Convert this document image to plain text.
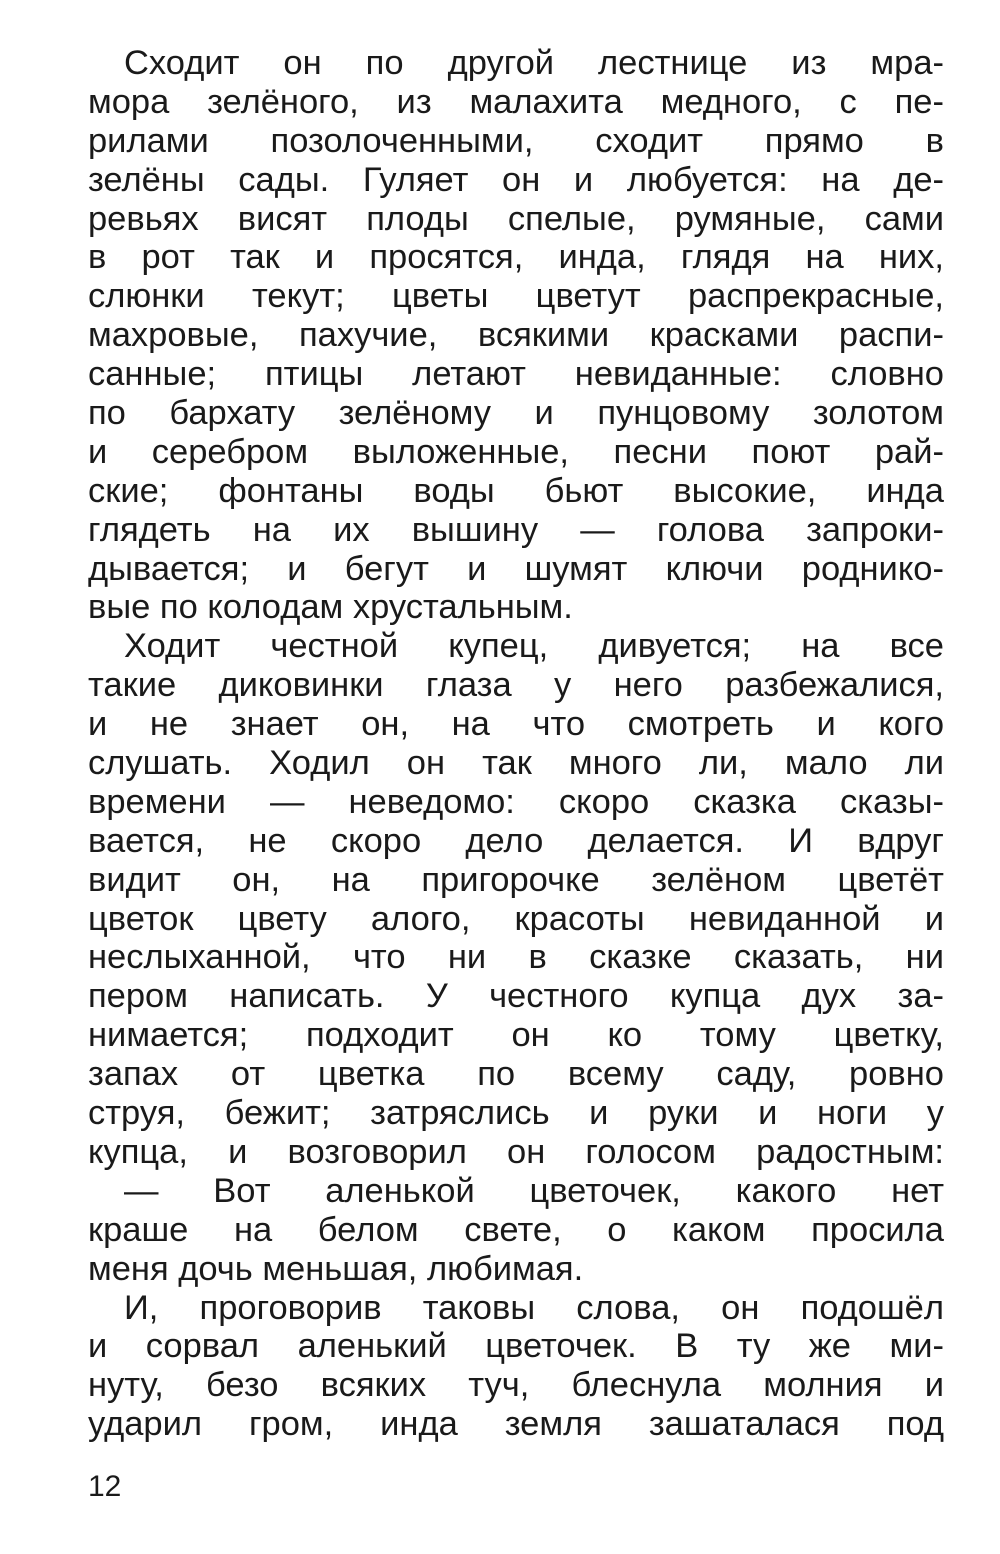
Сходит он по другой лестнице из мра-
мора зелёного, из малахита медного, с пе-
рилами позолоченными, сходит прямо в
зелёны сады. Гуляет он и любуется: на де-
ревьях висят плоды спелые, румяные, сами
в рот так и просятся, инда, глядя на них,
слюнки текут; цветы цветут распрекрасные,
махровые, пахучие, всякими красками распи-
санные; птицы летают невиданные: словно
по бархату зелёному и пунцовому золотом
и серебром выложенные, песни поют рай-
ские; фонтаны воды бьют высокие, инда
глядеть на их вышину — голова запроки-
дывается; и бегут и шумят ключи роднико-
вые по колодам хрустальным.
Ходит честной купец, дивуется; на все
такие диковинки глаза у него разбежалися,
и не знает он, на что смотреть и кого
слушать. Ходил он так много ли, мало ли
времени — неведомо: скоро сказка сказы-
вается, не скоро дело делается. И вдруг
видит он, на пригорочке зелёном цветёт
цветок цвету алого, красоты невиданной и
неслыханной, что ни в сказке сказать, ни
пером написать. У честного купца дух за-
нимается; подходит он ко тому цветку,
запах от цветка по всему саду, ровно
струя, бежит; затряслись и руки и ноги у
купца, и возговорил он голосом радостным:
— Вот аленькой цветочек, какого нет
краше на белом свете, о каком просила
меня дочь меньшая, любимая.
И, проговорив таковы слова, он подошёл
и сорвал аленький цветочек. В ту же ми-
нуту, безо всяких туч, блеснула молния и
ударил гром, инда земля зашаталася под
12
